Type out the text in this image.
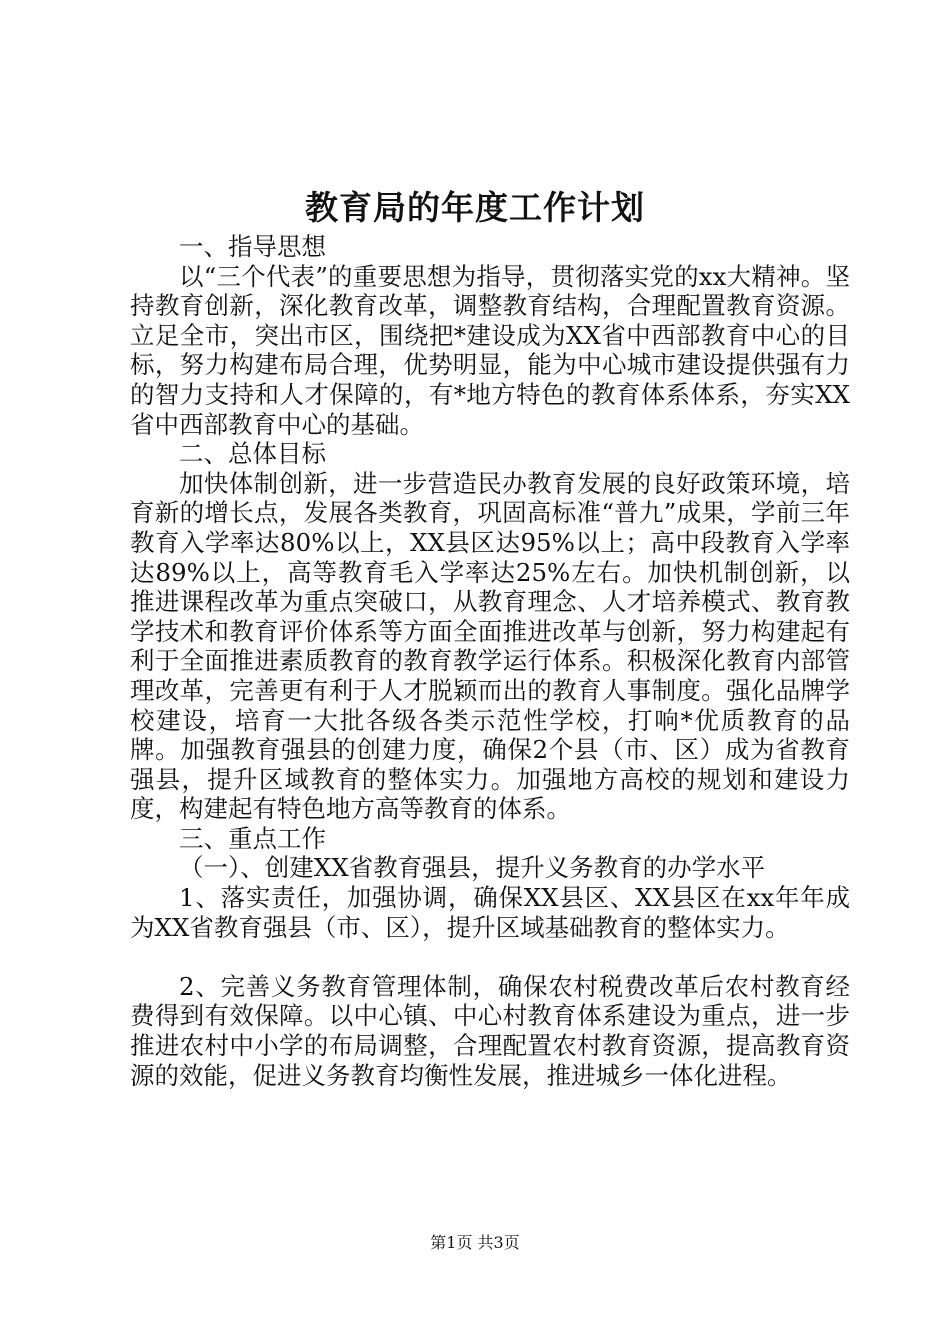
教育局的年度工作计划

一、指导思想

以“三个代表”的重要思想为指导，贯彻落实党的xx大精神。坚持教育创新，深化教育改革，调整教育结构，合理配置教育资源。立足全市，突出市区，围绕把*建设成为XX省中西部教育中心的目标，努力构建布局合理，优势明显，能为中心城市建设提供强有力的智力支持和人才保障的，有*地方特色的教育体系体系，夯实XX省中西部教育中心的基础。

二、总体目标

加快体制创新，进一步营造民办教育发展的良好政策环境，培育新的增长点，发展各类教育，巩固高标准“普九”成果，学前三年教育入学率达80%以上，XX县区达95%以上；高中段教育入学率达89%以上，高等教育毛入学率达25%左右。加快机制创新，以推进课程改革为重点突破口，从教育理念、人才培养模式、教育教学技术和教育评价体系等方面全面推进改革与创新，努力构建起有利于全面推进素质教育的教育教学运行体系。积极深化教育内部管理改革，完善更有利于人才脱颖而出的教育人事制度。强化品牌学校建设，培育一大批各级各类示范性学校，打响*优质教育的品牌。加强教育强县的创建力度，确保2个县（市、区）成为省教育强县，提升区域教育的整体实力。加强地方高校的规划和建设力度，构建起有特色地方高等教育的体系。

三、重点工作

（一）、创建XX省教育强县，提升义务教育的办学水平

1、落实责任，加强协调，确保XX县区、XX县区在xx年年成为XX省教育强县（市、区），提升区域基础教育的整体实力。

2、完善义务教育管理体制，确保农村税费改革后农村教育经费得到有效保障。以中心镇、中心村教育体系建设为重点，进一步推进农村中小学的布局调整，合理配置农村教育资源，提高教育资源的效能，促进义务教育均衡性发展，推进城乡一体化进程。

第1页 共3页
